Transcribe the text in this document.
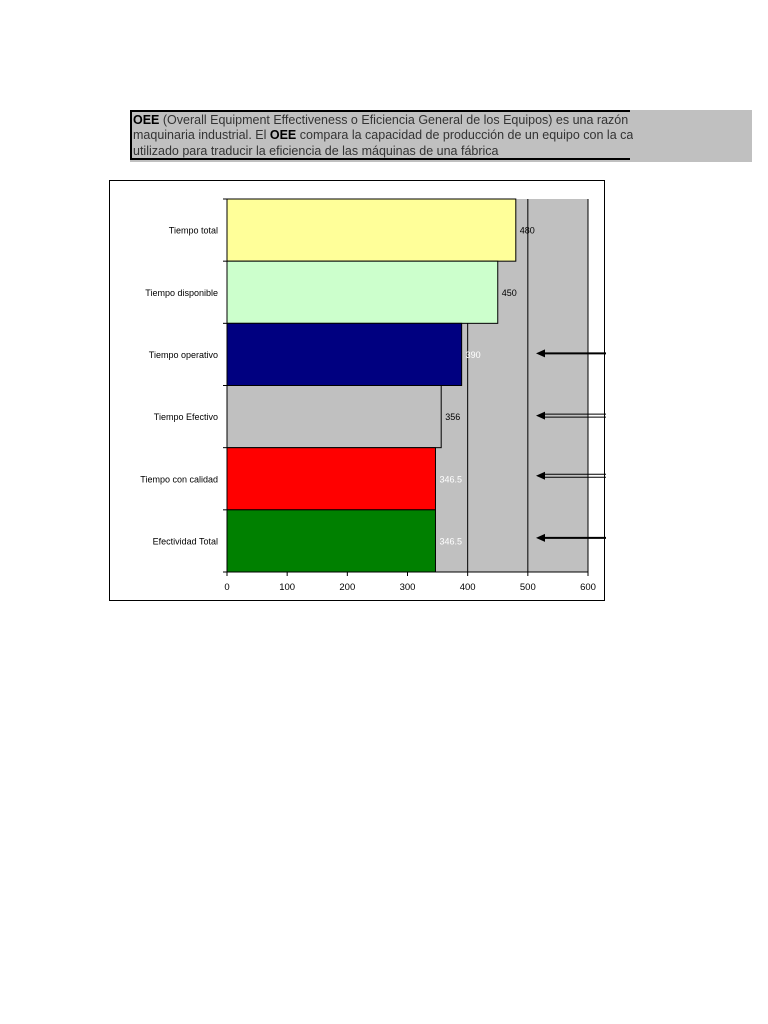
OEE (Overall Equipment Effectiveness o Eficiencia General de los Equipos) es una razón
maquinaria industrial. El OEE compara la capacidad de producción de un equipo con la ca
utilizado para traducir la eficiencia de las máquinas de una fábrica
Tiempo total	480
Tiempo disponible	450
Tiempo operativo	390
Tiempo Efectivo	356
Tiempo con calidad	346.5
Efectividad Total	346.5
0	100	200	300	400	500	600
